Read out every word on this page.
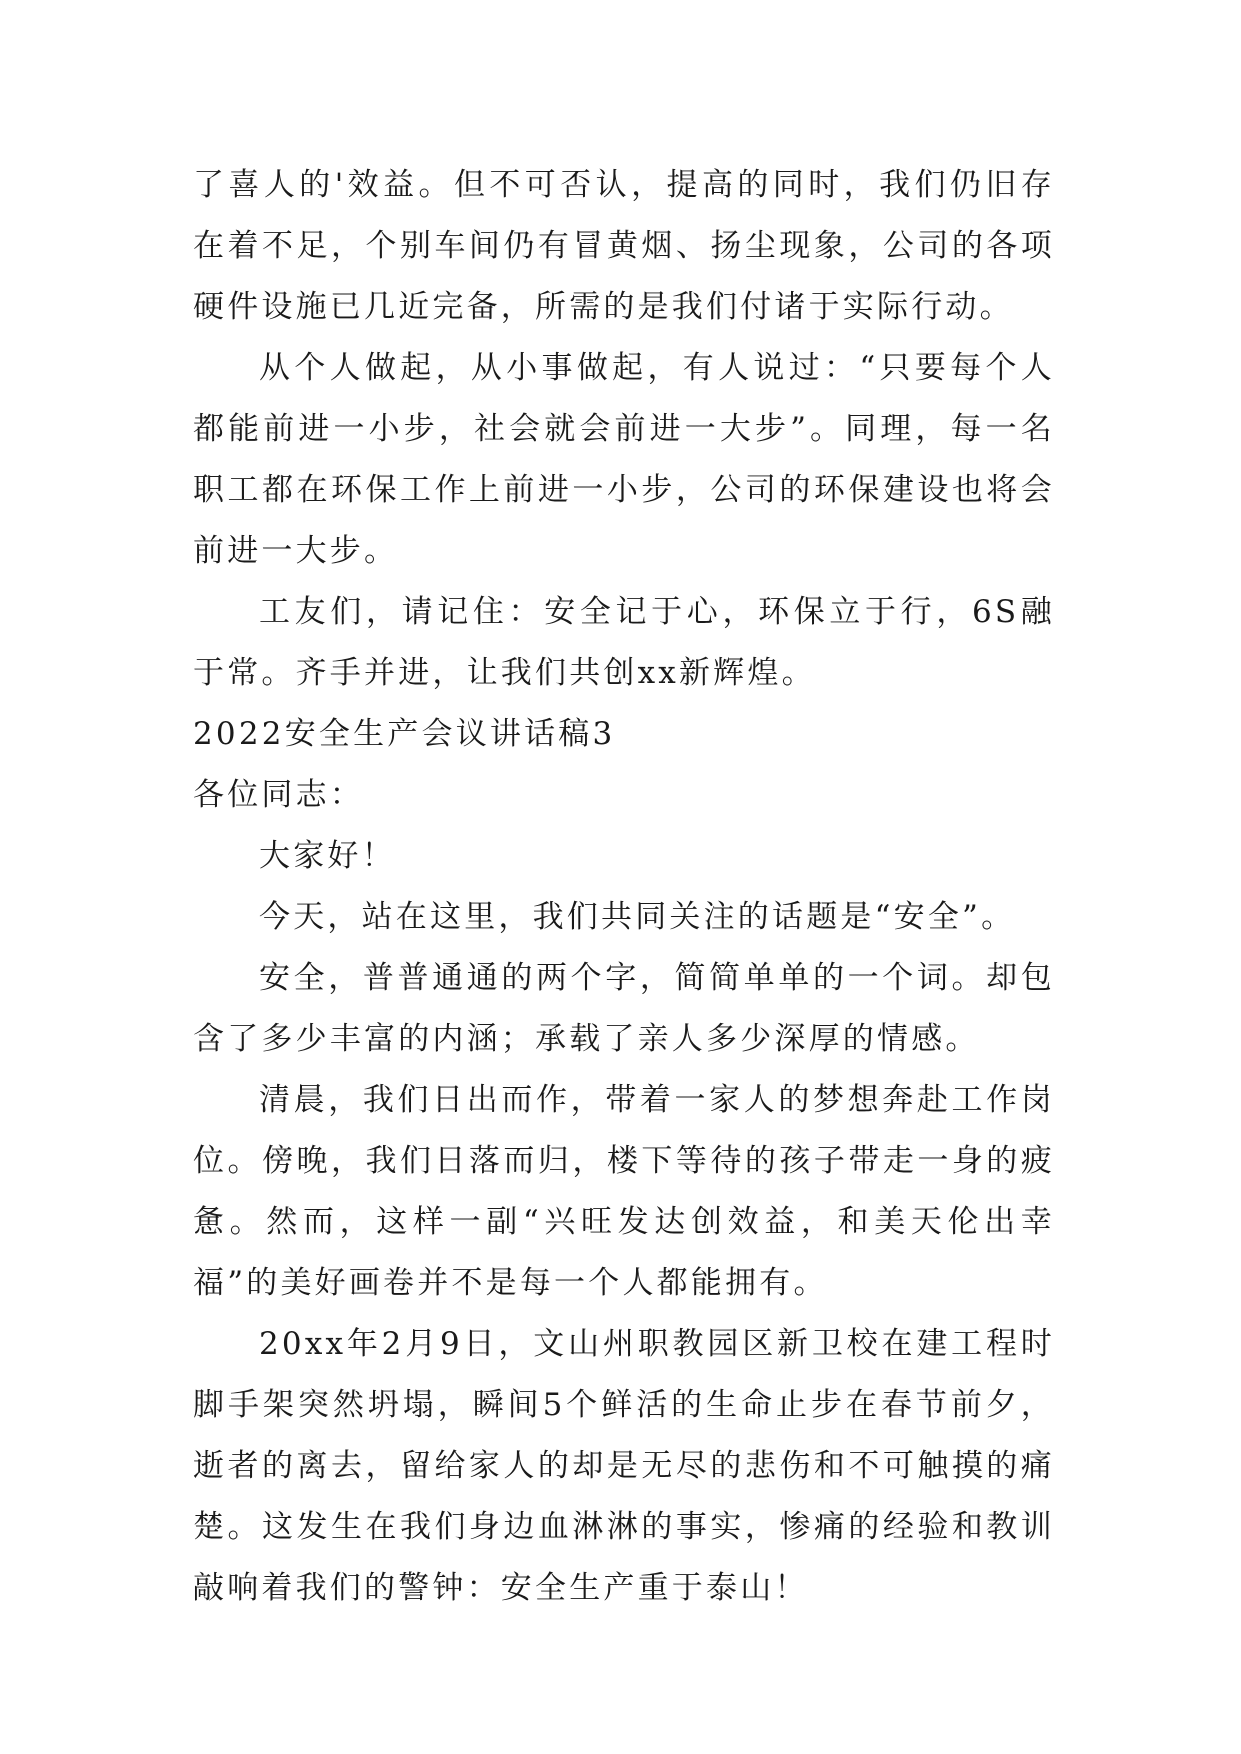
了喜人的'效益。但不可否认，提高的同时，我们仍旧存在着不足，个别车间仍有冒黄烟、扬尘现象，公司的各项硬件设施已几近完备，所需的是我们付诸于实际行动。

从个人做起，从小事做起，有人说过：“只要每个人都能前进一小步，社会就会前进一大步”。同理，每一名职工都在环保工作上前进一小步，公司的环保建设也将会前进一大步。

工友们，请记住：安全记于心，环保立于行，6S融于常。齐手并进，让我们共创xx新辉煌。

2022安全生产会议讲话稿3

各位同志：

大家好！

今天，站在这里，我们共同关注的话题是“安全”。

安全，普普通通的两个字，简简单单的一个词。却包含了多少丰富的内涵；承载了亲人多少深厚的情感。

清晨，我们日出而作，带着一家人的梦想奔赴工作岗位。傍晚，我们日落而归，楼下等待的孩子带走一身的疲惫。然而，这样一副“兴旺发达创效益，和美天伦出幸福”的美好画卷并不是每一个人都能拥有。

20xx年2月9日，文山州职教园区新卫校在建工程时脚手架突然坍塌，瞬间5个鲜活的生命止步在春节前夕，逝者的离去，留给家人的却是无尽的悲伤和不可触摸的痛楚。这发生在我们身边血淋淋的事实，惨痛的经验和教训敲响着我们的警钟：安全生产重于泰山！
